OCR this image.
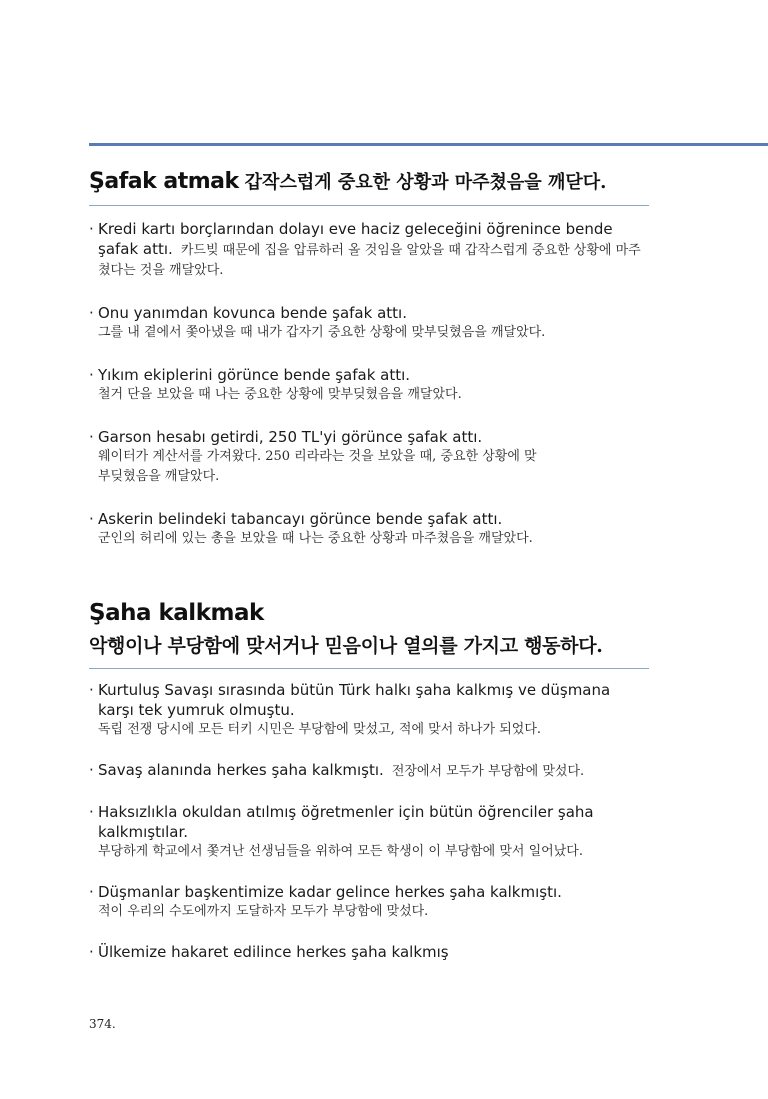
Şafak atmak 갑작스럽게 중요한 상황과 마주쳤음을 깨닫다.
· Kredi kartı borçlarından dolayı eve haciz geleceğini öğrenince bende şafak attı. 카드빚 때문에 집을 압류하러 올 것임을 알았을 때 갑작스럽게 중요한 상황에 마주쳤다는 것을 깨달았다.
· Onu yanımdan kovunca bende şafak attı.
그를 내 곁에서 쫓아냈을 때 내가 갑자기 중요한 상황에 맞부딪혔음을 깨달았다.
· Yıkım ekiplerini görünce bende şafak attı.
철거 단을 보았을 때 나는 중요한 상황에 맞부딪혔음을 깨달았다.
· Garson hesabı getirdi, 250 TL'yi görünce şafak attı.
웨이터가 계산서를 가져왔다. 250 리라라는 것을 보았을 때, 중요한 상황에 맞부딪혔음을 깨달았다.
· Askerin belindeki tabancayı görünce bende şafak attı.
군인의 허리에 있는 총을 보았을 때 나는 중요한 상황과 마주쳤음을 깨달았다.
Şaha kalkmak
악행이나 부당함에 맞서거나 믿음이나 열의를 가지고 행동하다.
· Kurtuluş Savaşı sırasında bütün Türk halkı şaha kalkmış ve düşmana karşı tek yumruk olmuştu.
독립 전쟁 당시에 모든 터키 시민은 부당함에 맞섰고, 적에 맞서 하나가 되었다.
· Savaş alanında herkes şaha kalkmıştı. 전장에서 모두가 부당함에 맞섰다.
· Haksızlıkla okuldan atılmış öğretmenler için bütün öğrenciler şaha kalkmıştılar.
부당하게 학교에서 쫓겨난 선생님들을 위하여 모든 학생이 이 부당함에 맞서 일어났다.
· Düşmanlar başkentimize kadar gelince herkes şaha kalkmıştı.
적이 우리의 수도에까지 도달하자 모두가 부당함에 맞섰다.
· Ülkemize hakaret edilince herkes şaha kalkmış
374.
